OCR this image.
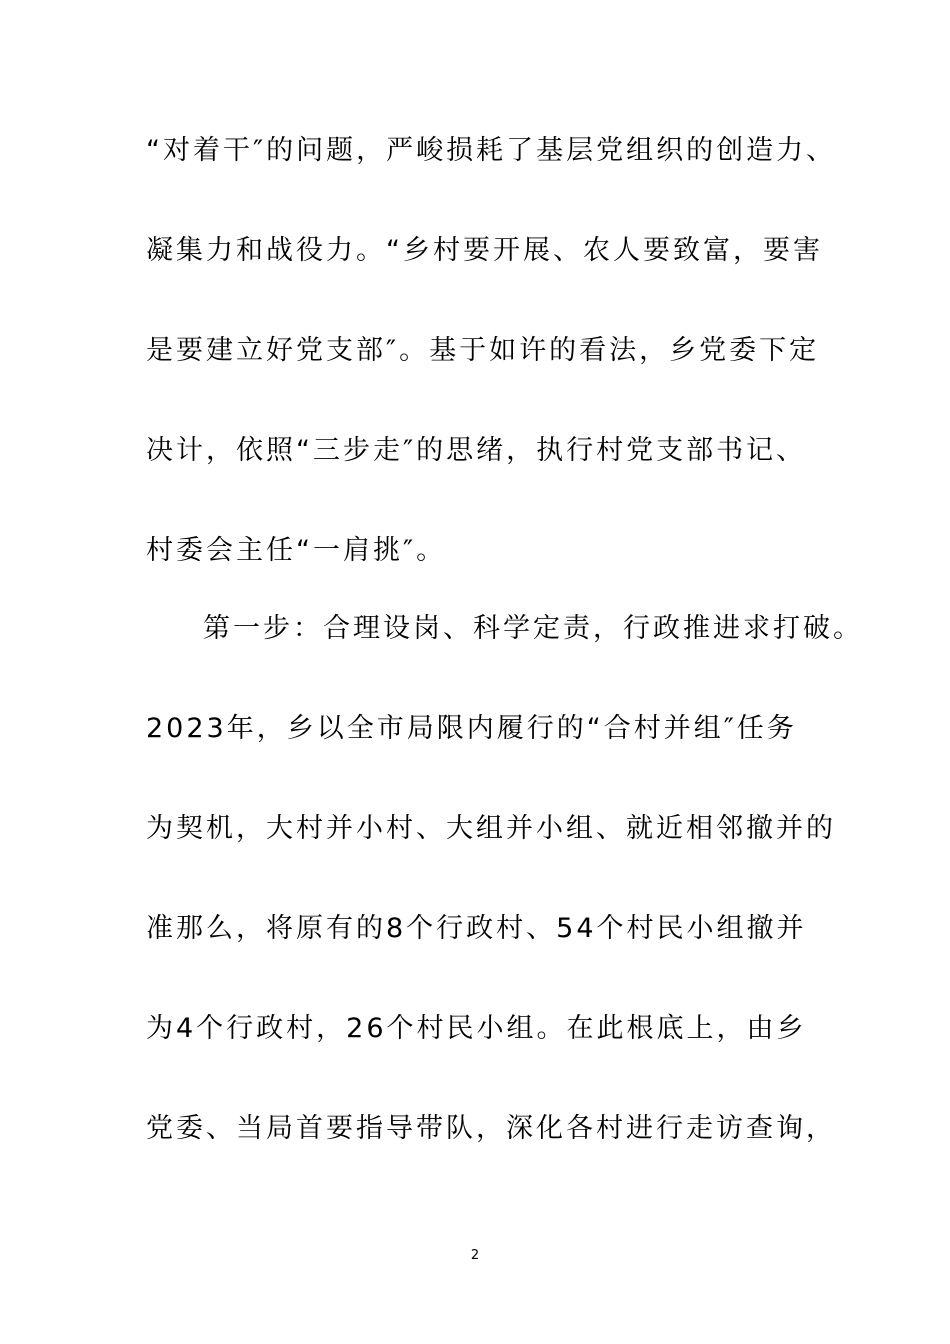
“对着干″的问题，严峻损耗了基层党组织的创造力、
凝集力和战役力。“乡村要开展、农人要致富，要害
是要建立好党支部″。基于如许的看法，乡党委下定
决计，依照“三步走″的思绪，执行村党支部书记、
村委会主任“一肩挑″。
第一步：合理设岗、科学定责，行政推进求打破。
2023年，乡以全市局限内履行的“合村并组″任务
为契机，大村并小村、大组并小组、就近相邻撤并的
准那么，将原有的8个行政村、54个村民小组撤并
为4个行政村，26个村民小组。在此根底上，由乡
党委、当局首要指导带队，深化各村进行走访查询，
2
